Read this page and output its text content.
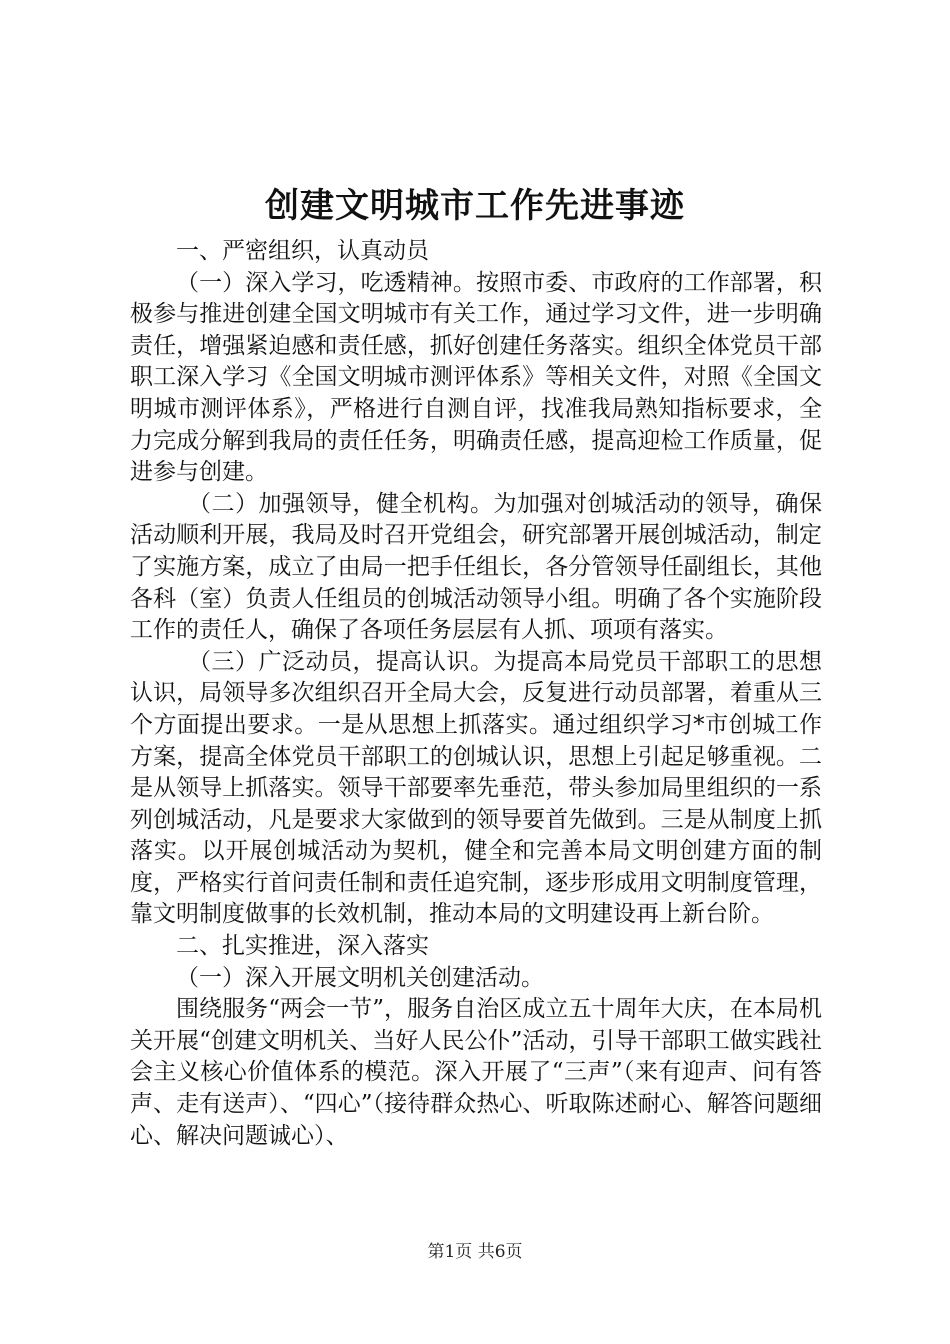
创建文明城市工作先进事迹

一、严密组织，认真动员

（一）深入学习，吃透精神。按照市委、市政府的工作部署，积极参与推进创建全国文明城市有关工作，通过学习文件，进一步明确责任，增强紧迫感和责任感，抓好创建任务落实。组织全体党员干部职工深入学习《全国文明城市测评体系》等相关文件，对照《全国文明城市测评体系》，严格进行自测自评，找准我局熟知指标要求，全力完成分解到我局的责任任务，明确责任感，提高迎检工作质量，促进参与创建。

（二）加强领导，健全机构。为加强对创城活动的领导，确保活动顺利开展，我局及时召开党组会，研究部署开展创城活动，制定了实施方案，成立了由局一把手任组长，各分管领导任副组长，其他各科（室）负责人任组员的创城活动领导小组。明确了各个实施阶段工作的责任人，确保了各项任务层层有人抓、项项有落实。

（三）广泛动员，提高认识。为提高本局党员干部职工的思想认识，局领导多次组织召开全局大会，反复进行动员部署，着重从三个方面提出要求。一是从思想上抓落实。通过组织学习*市创城工作方案，提高全体党员干部职工的创城认识，思想上引起足够重视。二是从领导上抓落实。领导干部要率先垂范，带头参加局里组织的一系列创城活动，凡是要求大家做到的领导要首先做到。三是从制度上抓落实。以开展创城活动为契机，健全和完善本局文明创建方面的制度，严格实行首问责任制和责任追究制，逐步形成用文明制度管理，靠文明制度做事的长效机制，推动本局的文明建设再上新台阶。

二、扎实推进，深入落实

（一）深入开展文明机关创建活动。

围绕服务“两会一节”，服务自治区成立五十周年大庆，在本局机关开展“创建文明机关、当好人民公仆”活动，引导干部职工做实践社会主义核心价值体系的模范。深入开展了“三声”（来有迎声、问有答声、走有送声）、“四心”（接待群众热心、听取陈述耐心、解答问题细心、解决问题诚心）、

第1页 共6页
